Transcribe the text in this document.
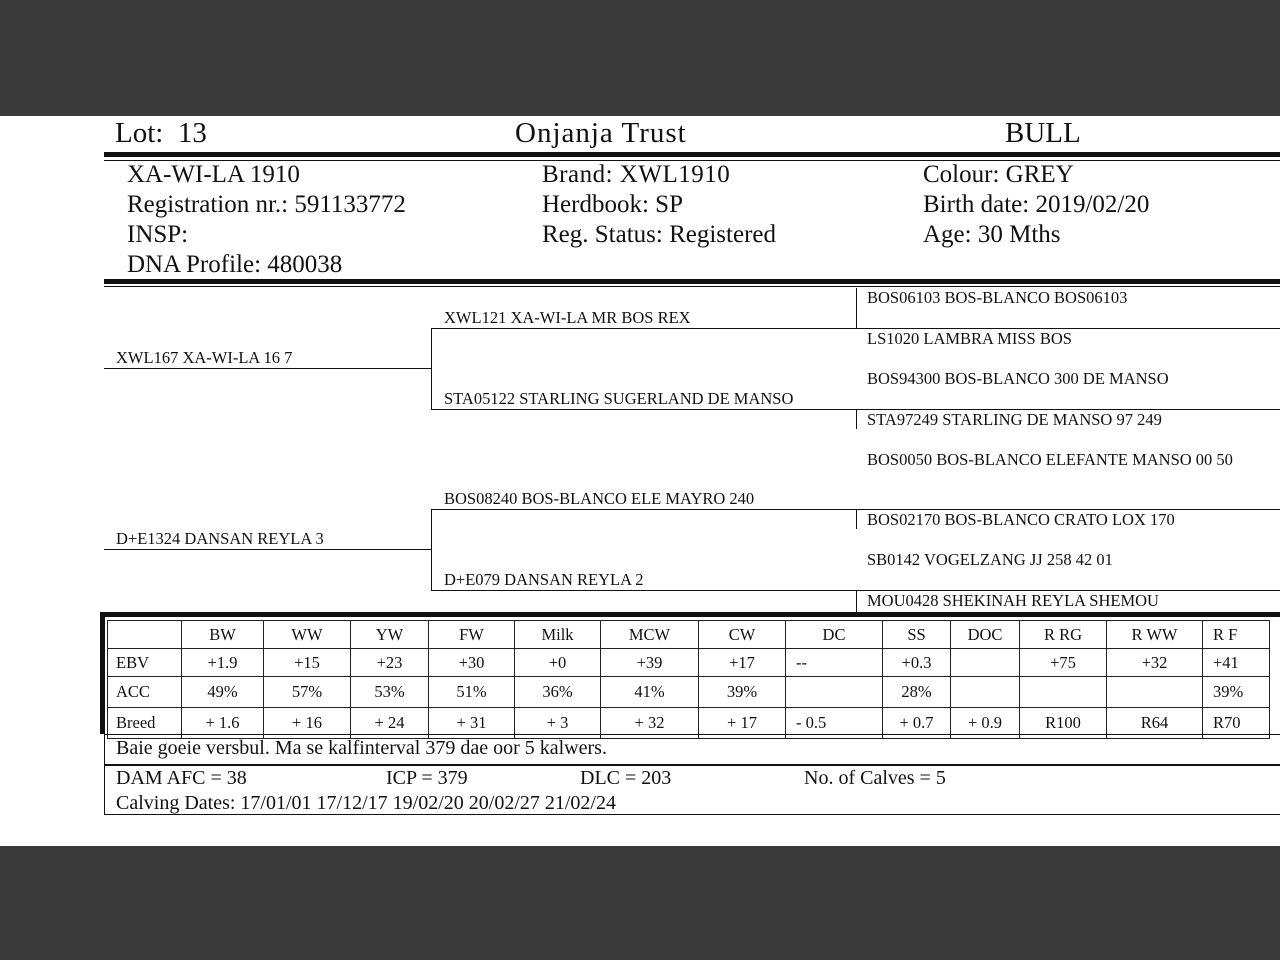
Lot: 13	Onjanja Trust	BULL
XA-WI-LA 1910
Registration nr.: 591133772
INSP:
DNA Profile: 480038
Brand: XWL1910
Herdbook: SP
Reg. Status: Registered
Colour: GREY
Birth date: 2019/02/20
Age: 30 Mths
XWL167 XA-WI-LA 16 7
D+E1324 DANSAN REYLA 3
XWL121 XA-WI-LA MR BOS REX
STA05122 STARLING SUGERLAND DE MANSO
BOS08240 BOS-BLANCO ELE MAYRO 240
D+E079 DANSAN REYLA 2
BOS06103 BOS-BLANCO BOS06103
LS1020 LAMBRA MISS BOS
BOS94300 BOS-BLANCO 300 DE MANSO
STA97249 STARLING DE MANSO 97 249
BOS0050 BOS-BLANCO ELEFANTE MANSO 00 50
BOS02170 BOS-BLANCO CRATO LOX 170
SB0142 VOGELZANG JJ 258 42 01
MOU0428 SHEKINAH REYLA SHEMOU
	BW	WW	YW	FW	Milk	MCW	CW	DC	SS	DOC	R RG	R WW	R F
EBV	+1.9	+15	+23	+30	+0	+39	+17	--	+0.3		+75	+32	+41
ACC	49%	57%	53%	51%	36%	41%	39%		28%				39%
Breed	+ 1.6	+ 16	+ 24	+ 31	+ 3	+ 32	+ 17	- 0.5	+ 0.7	+ 0.9	R100	R64	R70
Baie goeie versbul. Ma se kalfinterval 379 dae oor 5 kalwers.
DAM AFC = 38	ICP = 379	DLC = 203	No. of Calves = 5
Calving Dates: 17/01/01 17/12/17 19/02/20 20/02/27 21/02/24
